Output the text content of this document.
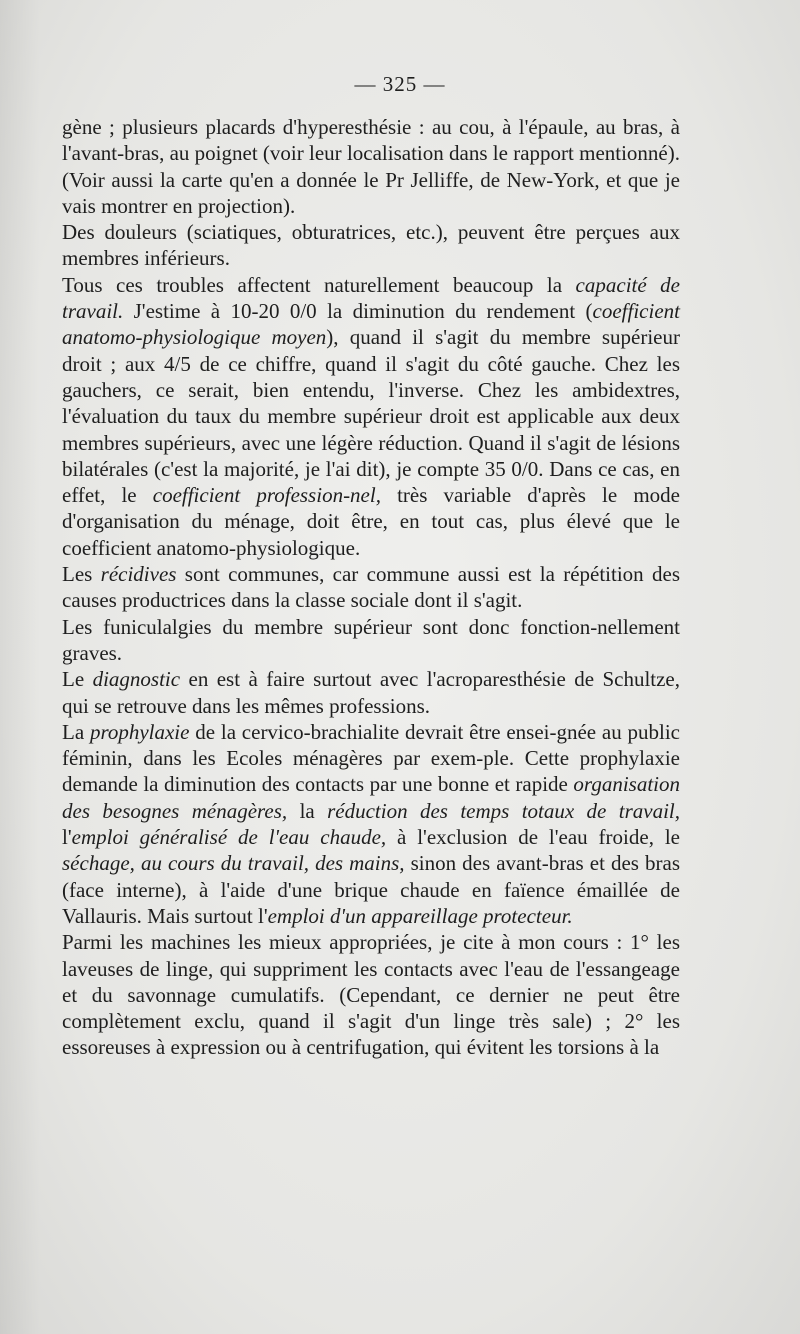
— 325 —

gène ; plusieurs placards d'hyperesthésie : au cou, à l'épaule, au bras, à l'avant-bras, au poignet (voir leur localisation dans le rapport mentionné). (Voir aussi la carte qu'en a donnée le Pr Jelliffe, de New-York, et que je vais montrer en projection).

Des douleurs (sciatiques, obturatrices, etc.), peuvent être perçues aux membres inférieurs.

Tous ces troubles affectent naturellement beaucoup la capacité de travail. J'estime à 10-20 0/0 la diminution du rendement (coefficient anatomo-physiologique moyen), quand il s'agit du membre supérieur droit ; aux 4/5 de ce chiffre, quand il s'agit du côté gauche. Chez les gauchers, ce serait, bien entendu, l'inverse. Chez les ambidextres, l'évaluation du taux du membre supérieur droit est applicable aux deux membres supérieurs, avec une légère réduction. Quand il s'agit de lésions bilatérales (c'est la majorité, je l'ai dit), je compte 35 0/0. Dans ce cas, en effet, le coefficient profession-nel, très variable d'après le mode d'organisation du ménage, doit être, en tout cas, plus élevé que le coefficient anatomo-physiologique.

Les récidives sont communes, car commune aussi est la répétition des causes productrices dans la classe sociale dont il s'agit.

Les funiculalgies du membre supérieur sont donc fonction-nellement graves.

Le diagnostic en est à faire surtout avec l'acroparesthésie de Schultze, qui se retrouve dans les mêmes professions.

La prophylaxie de la cervico-brachialite devrait être ensei-gnée au public féminin, dans les Ecoles ménagères par exem-ple. Cette prophylaxie demande la diminution des contacts par une bonne et rapide organisation des besognes ménagères, la réduction des temps totaux de travail, l'emploi généralisé de l'eau chaude, à l'exclusion de l'eau froide, le séchage, au cours du travail, des mains, sinon des avant-bras et des bras (face interne), à l'aide d'une brique chaude en faïence émaillée de Vallauris. Mais surtout l'emploi d'un appareillage protecteur.

Parmi les machines les mieux appropriées, je cite à mon cours : 1° les laveuses de linge, qui suppriment les contacts avec l'eau de l'essangeage et du savonnage cumulatifs. (Cependant, ce dernier ne peut être complètement exclu, quand il s'agit d'un linge très sale) ; 2° les essoreuses à expression ou à centrifugation, qui évitent les torsions à la
